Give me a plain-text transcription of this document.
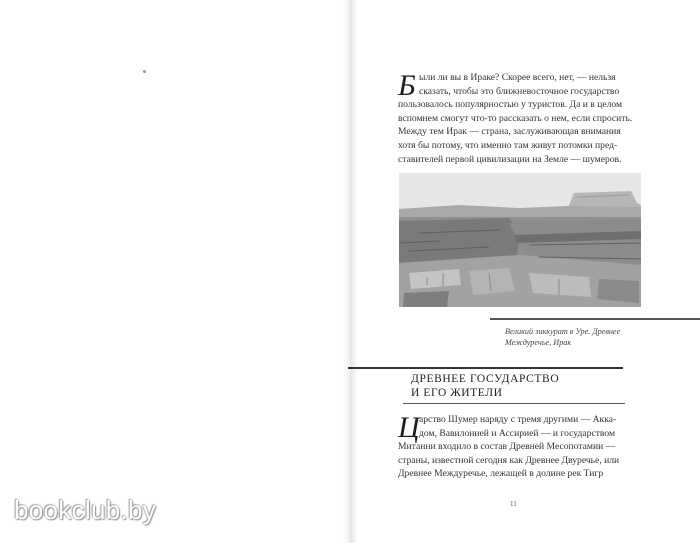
Б ыли ли вы в Ираке? Скорее всего, нет, — нельзя
сказать, чтобы это ближневосточное государство
пользовалось популярностью у туристов. Да и в целом
вспомнем смогут что-то рассказать о нем, если спросить.
Между тем Ирак — страна, заслуживающая внимания
хотя бы потому, что именно там живут потомки пред-
ставителей первой цивилизации на Земле — шумеров.
Великий зиккурат в Уре. Древнее
Междуречье, Ирак
ДРЕВНЕЕ ГОСУДАРСТВО
И ЕГО ЖИТЕЛИ
Ц арство Шумер наряду с тремя другими — Акка-
дом, Вавилонией и Ассирией — и государством
Митанни входило в состав Древней Месопотамии —
страны, известной сегодня как Древнее Двуречье, или
Древнее Междуречье, лежащей в долине рек Тигр
11
bookclub.by
